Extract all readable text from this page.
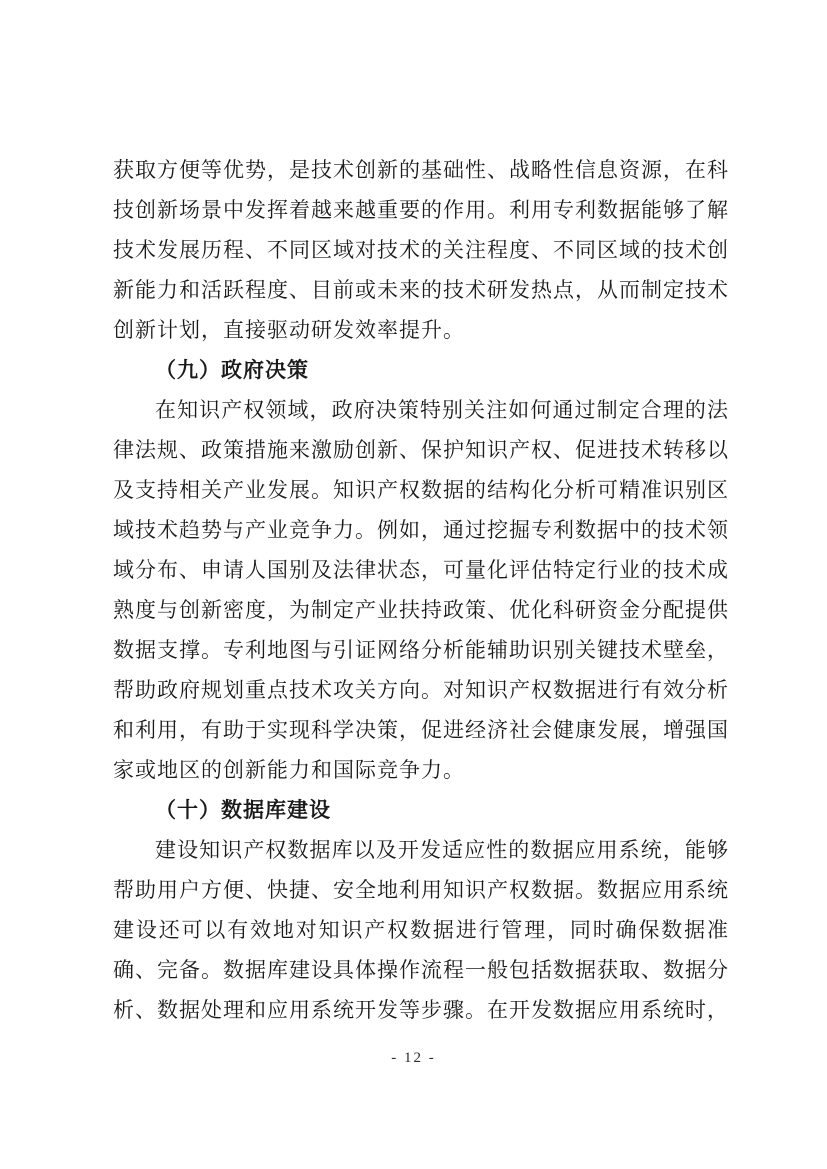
获取方便等优势，是技术创新的基础性、战略性信息资源，在科技创新场景中发挥着越来越重要的作用。利用专利数据能够了解技术发展历程、不同区域对技术的关注程度、不同区域的技术创新能力和活跃程度、目前或未来的技术研发热点，从而制定技术创新计划，直接驱动研发效率提升。

（九）政府决策

在知识产权领域，政府决策特别关注如何通过制定合理的法律法规、政策措施来激励创新、保护知识产权、促进技术转移以及支持相关产业发展。知识产权数据的结构化分析可精准识别区域技术趋势与产业竞争力。例如，通过挖掘专利数据中的技术领域分布、申请人国别及法律状态，可量化评估特定行业的技术成熟度与创新密度，为制定产业扶持政策、优化科研资金分配提供数据支撑。专利地图与引证网络分析能辅助识别关键技术壁垒，帮助政府规划重点技术攻关方向。对知识产权数据进行有效分析和利用，有助于实现科学决策，促进经济社会健康发展，增强国家或地区的创新能力和国际竞争力。

（十）数据库建设

建设知识产权数据库以及开发适应性的数据应用系统，能够帮助用户方便、快捷、安全地利用知识产权数据。数据应用系统建设还可以有效地对知识产权数据进行管理，同时确保数据准确、完备。数据库建设具体操作流程一般包括数据获取、数据分析、数据处理和应用系统开发等步骤。在开发数据应用系统时，

- 12 -
